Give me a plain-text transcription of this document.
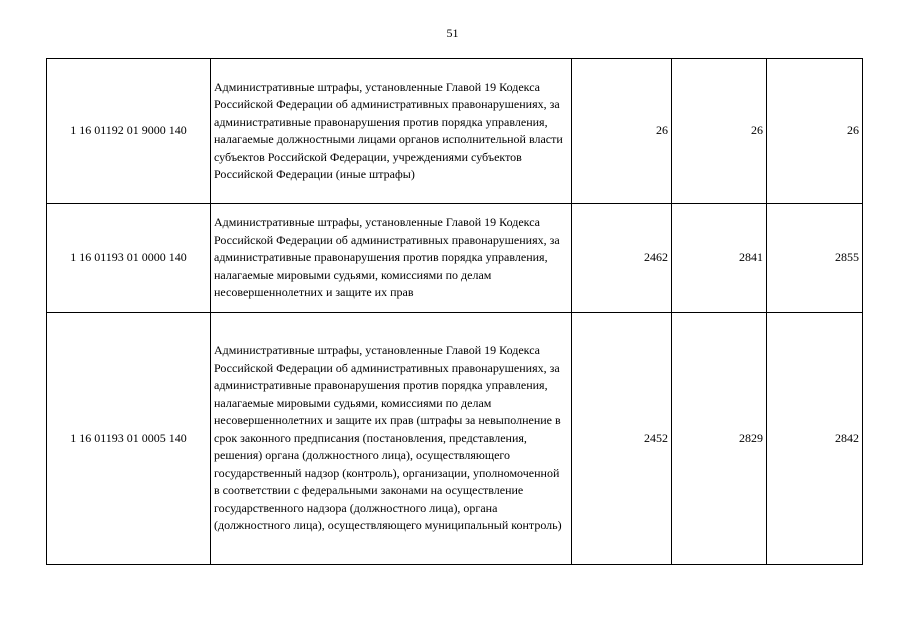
51
1 16 01192 01 9000 140	Административные штрафы, установленные Главой 19 Кодекса Российской Федерации об административных правонарушениях, за административные правонарушения против порядка управления, налагаемые должностными лицами органов исполнительной власти субъектов Российской Федерации, учреждениями субъектов Российской Федерации (иные штрафы)	26	26	26
1 16 01193 01 0000 140	Административные штрафы, установленные Главой 19 Кодекса Российской Федерации об административных правонарушениях, за административные правонарушения против порядка управления, налагаемые мировыми судьями, комиссиями по делам несовершеннолетних и защите их прав	2462	2841	2855
1 16 01193 01 0005 140	Административные штрафы, установленные Главой 19 Кодекса Российской Федерации об административных правонарушениях, за административные правонарушения против порядка управления, налагаемые мировыми судьями, комиссиями по делам несовершеннолетних и защите их прав (штрафы за невыполнение в срок законного предписания (постановления, представления, решения) органа (должностного лица), осуществляющего государственный надзор (контроль), организации, уполномоченной в соответствии с федеральными законами на осуществление государственного надзора (должностного лица), органа (должностного лица), осуществляющего муниципальный контроль)	2452	2829	2842
